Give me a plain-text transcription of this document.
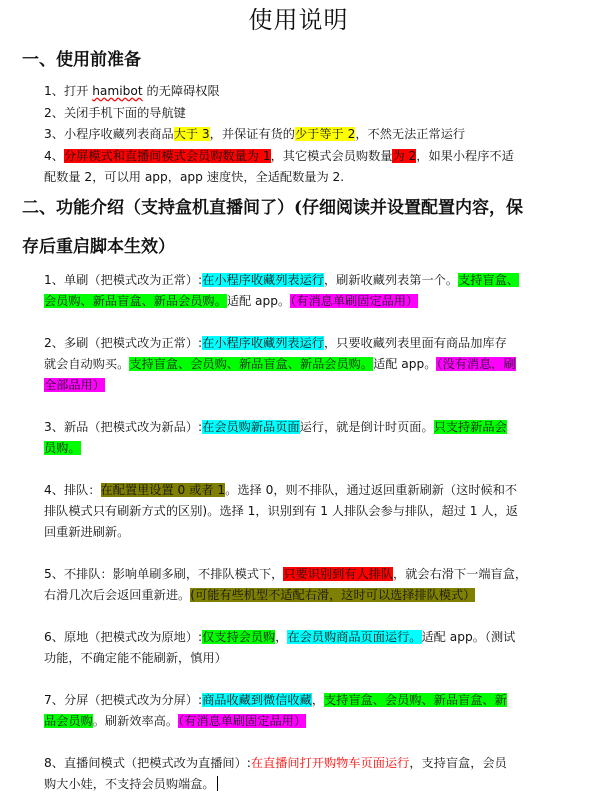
使用说明
一、使用前准备
1、打开 hamibot 的无障碍权限
2、关闭手机下面的导航键
3、小程序收藏列表商品大于 3，并保证有货的少于等于 2，不然无法正常运行
4、分屏模式和直播间模式会员购数量为 1，其它模式会员购数量为 2，如果小程序不适
配数量 2，可以用 app，app 速度快，全适配数量为 2.
二、功能介绍（支持盒机直播间了）(仔细阅读并设置配置内容，保
存后重启脚本生效）
1、单刷（把模式改为正常）:在小程序收藏列表运行，刷新收藏列表第一个。支持盲盒、
会员购、新品盲盒、新品会员购。适配 app。（有消息单刷固定品用）
2、多刷（把模式改为正常）:在小程序收藏列表运行，只要收藏列表里面有商品加库存
就会自动购买。支持盲盒、会员购、新品盲盒、新品会员购。适配 app。（没有消息，刷
全部品用）
3、新品（把模式改为新品）:在会员购新品页面运行，就是倒计时页面。只支持新品会
员购。
4、排队：在配置里设置 0 或者 1。选择 0，则不排队，通过返回重新刷新（这时候和不
排队模式只有刷新方式的区别)。选择 1，识别到有 1 人排队会参与排队，超过 1 人，返
回重新进刷新。
5、不排队：影响单刷多刷，不排队模式下，只要识别到有人排队，就会右滑下一端盲盒，
右滑几次后会返回重新进。(可能有些机型不适配右滑，这时可以选择排队模式）
6、原地（把模式改为原地）:仅支持会员购，在会员购商品页面运行。适配 app。（测试
功能，不确定能不能刷新，慎用）
7、分屏（把模式改为分屏）:商品收藏到微信收藏，支持盲盒、会员购、新品盲盒、新
品会员购。刷新效率高。（有消息单刷固定品用）
8、直播间模式（把模式改为直播间）:在直播间打开购物车页面运行，支持盲盒，会员
购大小娃，不支持会员购端盒。
